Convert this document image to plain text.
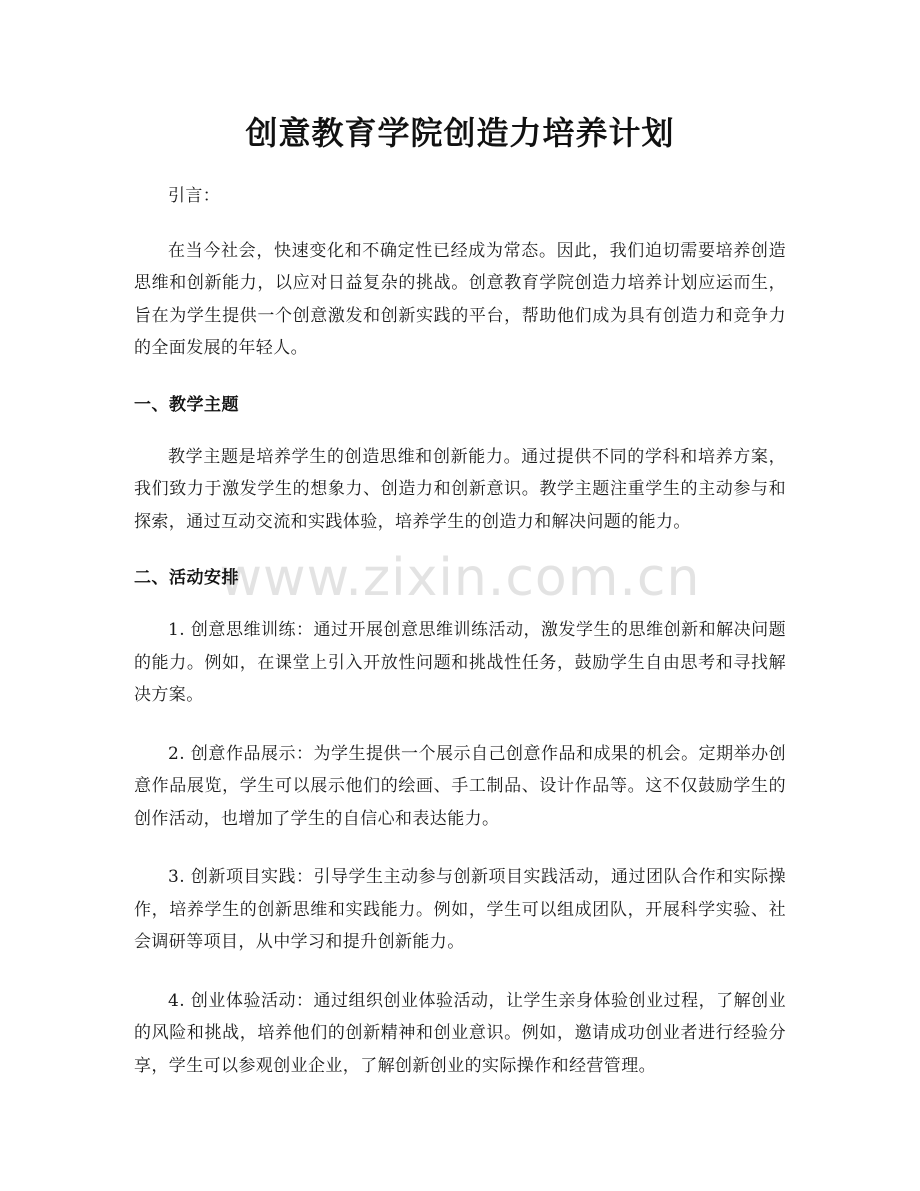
www.zixin.com.cn
创意教育学院创造力培养计划

引言：

在当今社会，快速变化和不确定性已经成为常态。因此，我们迫切需要培养创造思维和创新能力，以应对日益复杂的挑战。创意教育学院创造力培养计划应运而生，旨在为学生提供一个创意激发和创新实践的平台，帮助他们成为具有创造力和竞争力的全面发展的年轻人。

一、教学主题

教学主题是培养学生的创造思维和创新能力。通过提供不同的学科和培养方案，我们致力于激发学生的想象力、创造力和创新意识。教学主题注重学生的主动参与和探索，通过互动交流和实践体验，培养学生的创造力和解决问题的能力。

二、活动安排

1. 创意思维训练：通过开展创意思维训练活动，激发学生的思维创新和解决问题的能力。例如，在课堂上引入开放性问题和挑战性任务，鼓励学生自由思考和寻找解决方案。

2. 创意作品展示：为学生提供一个展示自己创意作品和成果的机会。定期举办创意作品展览，学生可以展示他们的绘画、手工制品、设计作品等。这不仅鼓励学生的创作活动，也增加了学生的自信心和表达能力。

3. 创新项目实践：引导学生主动参与创新项目实践活动，通过团队合作和实际操作，培养学生的创新思维和实践能力。例如，学生可以组成团队，开展科学实验、社会调研等项目，从中学习和提升创新能力。

4. 创业体验活动：通过组织创业体验活动，让学生亲身体验创业过程，了解创业的风险和挑战，培养他们的创新精神和创业意识。例如，邀请成功创业者进行经验分享，学生可以参观创业企业，了解创新创业的实际操作和经营管理。
